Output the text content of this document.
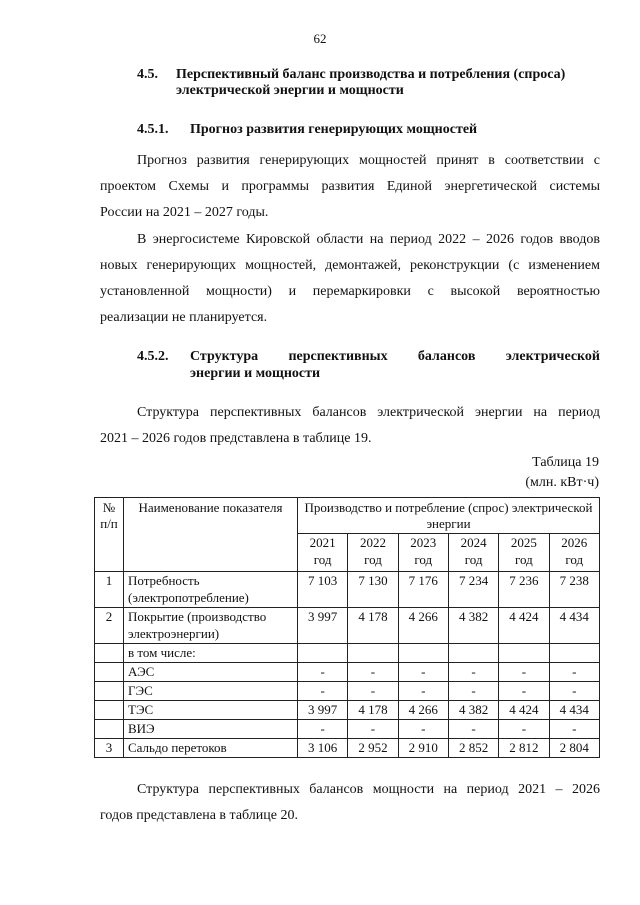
62
4.5. Перспективный баланс производства и потребления (спроса)
электрической энергии и мощности
4.5.1. Прогноз развития генерирующих мощностей
Прогноз развития генерирующих мощностей принят в соответствии с
проектом Схемы и программы развития Единой энергетической системы
России на 2021 – 2027 годы.
В энергосистеме Кировской области на период 2022 – 2026 годов вводов
новых генерирующих мощностей, демонтажей, реконструкции (с изменением
установленной мощности) и перемаркировки с высокой вероятностью
реализации не планируется.
4.5.2. Структура перспективных балансов электрической
энергии и мощности
Структура перспективных балансов электрической энергии на период
2021 – 2026 годов представлена в таблице 19.
Таблица 19
(млн. кВт·ч)
№ п/п	Наименование показателя	Производство и потребление (спрос) электрической энергии					
		2021 год	2022 год	2023 год	2024 год	2025 год	2026 год
1	Потребность (электропотребление)	7 103	7 130	7 176	7 234	7 236	7 238
2	Покрытие (производство электроэнергии)	3 997	4 178	4 266	4 382	4 424	4 434
	в том числе:						
	АЭС	-	-	-	-	-	-
	ГЭС	-	-	-	-	-	-
	ТЭС	3 997	4 178	4 266	4 382	4 424	4 434
	ВИЭ	-	-	-	-	-	-
3	Сальдо перетоков	3 106	2 952	2 910	2 852	2 812	2 804
Структура перспективных балансов мощности на период 2021 – 2026
годов представлена в таблице 20.
